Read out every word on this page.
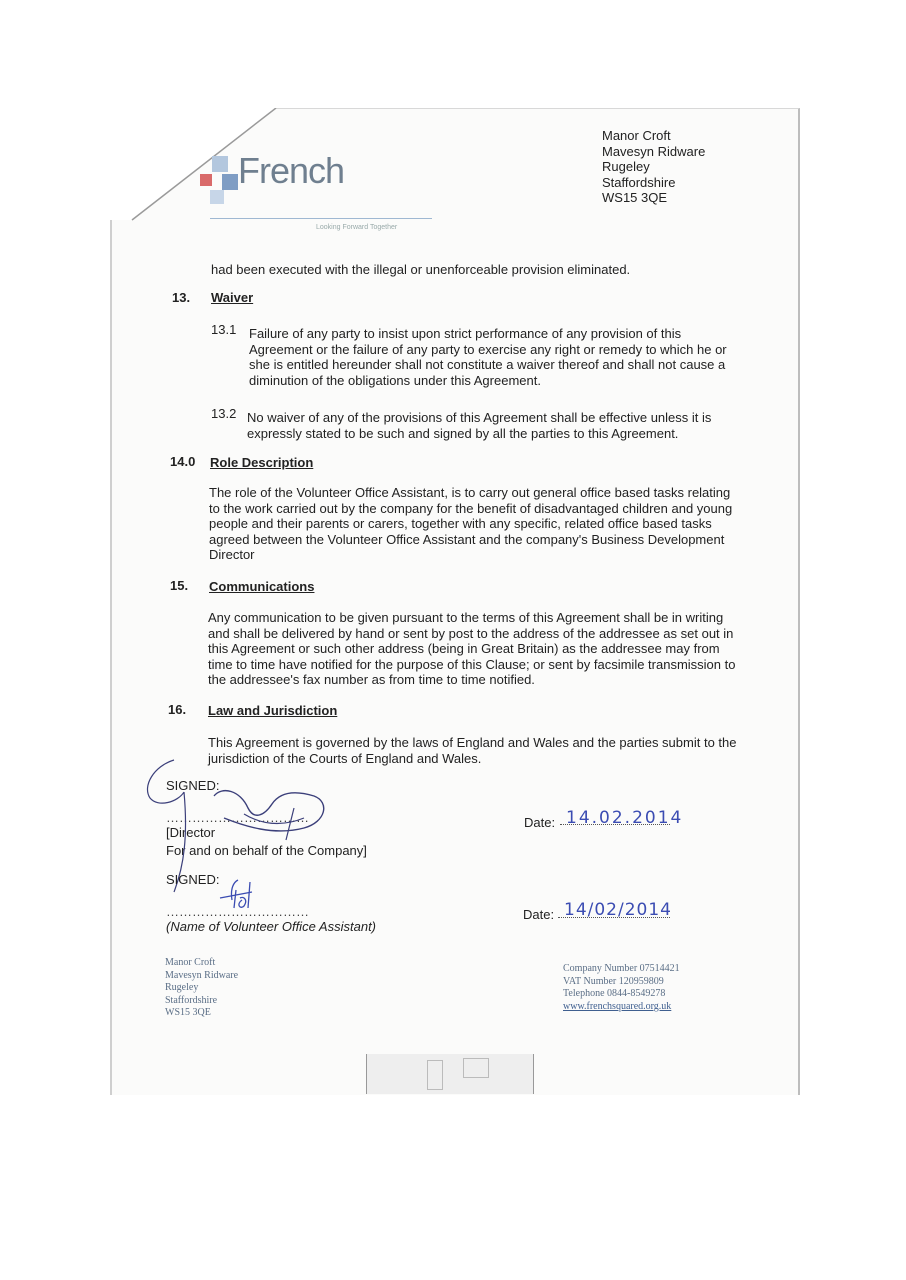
French
Looking Forward Together
Manor Croft
Mavesyn Ridware
Rugeley
Staffordshire
WS15 3QE
had been executed with the illegal or unenforceable provision eliminated.
13. Waiver
13.1 Failure of any party to insist upon strict performance of any provision of this
Agreement or the failure of any party to exercise any right or remedy to which he or
she is entitled hereunder shall not constitute a waiver thereof and shall not cause a
diminution of the obligations under this Agreement.
13.2 No waiver of any of the provisions of this Agreement shall be effective unless it is
expressly stated to be such and signed by all the parties to this Agreement.
14.0 Role Description
The role of the Volunteer Office Assistant, is to carry out general office based tasks relating
to the work carried out by the company for the benefit of disadvantaged children and young
people and their parents or carers, together with any specific, related office based tasks
agreed between the Volunteer Office Assistant and the company's Business Development
Director
15. Communications
Any communication to be given pursuant to the terms of this Agreement shall be in writing
and shall be delivered by hand or sent by post to the address of the addressee as set out in
this Agreement or such other address (being in Great Britain) as the addressee may from
time to time have notified for the purpose of this Clause; or sent by facsimile transmission to
the addressee's fax number as from time to time notified.
16. Law and Jurisdiction
This Agreement is governed by the laws of England and Wales and the parties submit to the
jurisdiction of the Courts of England and Wales.
SIGNED:
……………………………
[Director
For and on behalf of the Company]
Date: 14.02.2014
SIGNED:
……………………………
(Name of Volunteer Office Assistant)
Date: 14/02/2014
Manor Croft
Mavesyn Ridware
Rugeley
Staffordshire
WS15 3QE
Company Number 07514421
VAT Number 120959809
Telephone 0844-8549278
www.frenchsquared.org.uk
